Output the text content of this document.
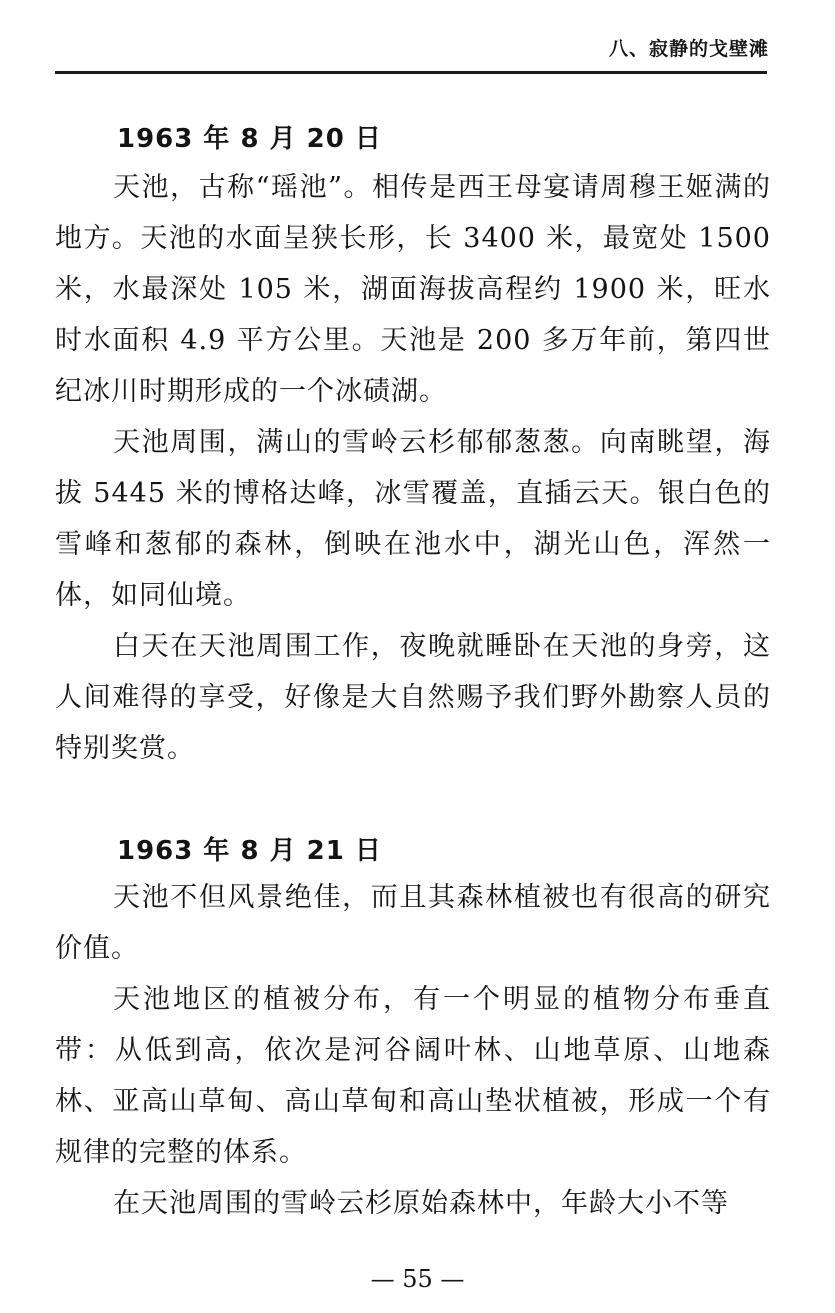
八、寂静的戈壁滩
1963 年 8 月 20 日

天池，古称“瑶池”。相传是西王母宴请周穆王姬满的地方。天池的水面呈狭长形，长 3400 米，最宽处 1500 米，水最深处 105 米，湖面海拔高程约 1900 米，旺水时水面积 4.9 平方公里。天池是 200 多万年前，第四世纪冰川时期形成的一个冰碛湖。

天池周围，满山的雪岭云杉郁郁葱葱。向南眺望，海拔 5445 米的博格达峰，冰雪覆盖，直插云天。银白色的雪峰和葱郁的森林，倒映在池水中，湖光山色，浑然一体，如同仙境。

白天在天池周围工作，夜晚就睡卧在天池的身旁，这人间难得的享受，好像是大自然赐予我们野外勘察人员的特别奖赏。

1963 年 8 月 21 日

天池不但风景绝佳，而且其森林植被也有很高的研究价值。

天池地区的植被分布，有一个明显的植物分布垂直带：从低到高，依次是河谷阔叶林、山地草原、山地森林、亚高山草甸、高山草甸和高山垫状植被，形成一个有规律的完整的体系。

在天池周围的雪岭云杉原始森林中，年龄大小不等

— 55 —
